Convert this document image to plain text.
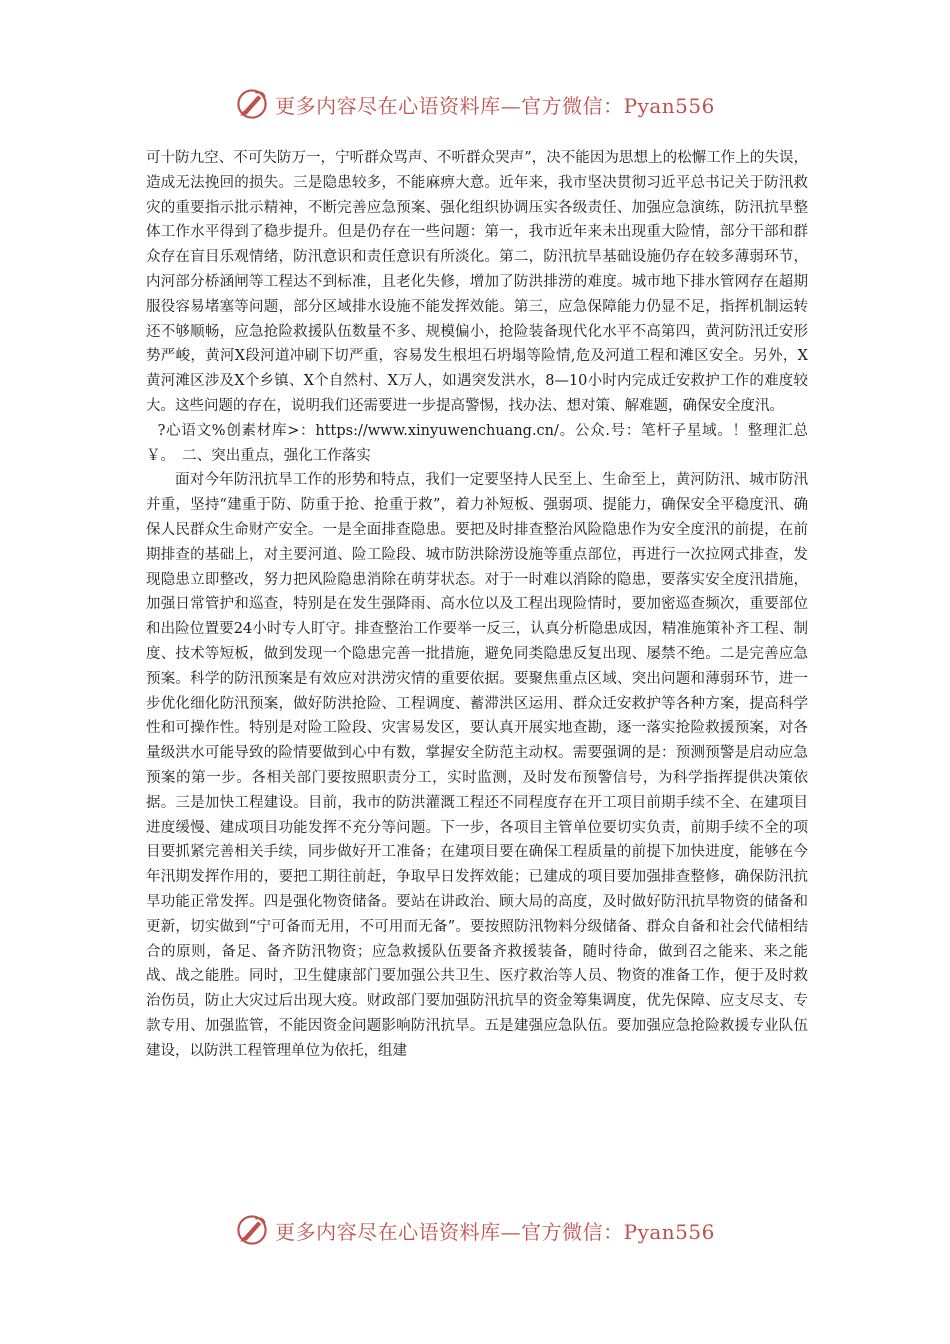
更多内容尽在心语资料库—官方微信：Pyan556

可十防九空、不可失防万一，宁听群众骂声、不听群众哭声”，决不能因为思想上的松懈工作上的失误，造成无法挽回的损失。三是隐患较多，不能麻痹大意。近年来，我市坚决贯彻习近平总书记关于防汛救灾的重要指示批示精神，不断完善应急预案、强化组织协调压实各级责任、加强应急演练，防汛抗旱整体工作水平得到了稳步提升。但是仍存在一些问题：第一，我市近年来未出现重大险情，部分干部和群众存在盲目乐观情绪，防汛意识和责任意识有所淡化。第二，防汛抗旱基础设施仍存在较多薄弱环节，内河部分桥涵闸等工程达不到标准，且老化失修，增加了防洪排涝的难度。城市地下排水管网存在超期服役容易堵塞等问题，部分区域排水设施不能发挥效能。第三，应急保障能力仍显不足，指挥机制运转还不够顺畅，应急抢险救援队伍数量不多、规模偏小，抢险装备现代化水平不高第四，黄河防汛迁安形势严峻，黄河X段河道冲刷下切严重，容易发生根坦石坍塌等险情,危及河道工程和滩区安全。另外，X黄河滩区涉及X个乡镇、X个自然村、X万人，如遇突发洪水，8—10小时内完成迁安救护工作的难度较大。这些问题的存在，说明我们还需要进一步提高警惕，找办法、想对策、解难题，确保安全度汛。

?心语文%创素材库>：https://www.xinyuwenchuang.cn/。公众.号：笔杆子星域。！整理汇总￥。　二、突出重点，强化工作落实

面对今年防汛抗旱工作的形势和特点，我们一定要坚持人民至上、生命至上，黄河防汛、城市防汛并重，坚持“建重于防、防重于抢、抢重于救”，着力补短板、强弱项、提能力，确保安全平稳度汛、确保人民群众生命财产安全。一是全面排查隐患。要把及时排查整治风险隐患作为安全度汛的前提，在前期排查的基础上，对主要河道、险工险段、城市防洪除涝设施等重点部位，再进行一次拉网式排查，发现隐患立即整改，努力把风险隐患消除在萌芽状态。对于一时难以消除的隐患，要落实安全度汛措施，加强日常管护和巡查，特别是在发生强降雨、高水位以及工程出现险情时，要加密巡查频次，重要部位和出险位置要24小时专人盯守。排查整治工作要举一反三，认真分析隐患成因，精准施策补齐工程、制度、技术等短板，做到发现一个隐患完善一批措施，避免同类隐患反复出现、屡禁不绝。二是完善应急预案。科学的防汛预案是有效应对洪涝灾情的重要依据。要聚焦重点区域、突出问题和薄弱环节，进一步优化细化防汛预案，做好防洪抢险、工程调度、蓄滞洪区运用、群众迁安救护等各种方案，提高科学性和可操作性。特别是对险工险段、灾害易发区，要认真开展实地查勘，逐一落实抢险救援预案，对各量级洪水可能导致的险情要做到心中有数，掌握安全防范主动权。需要强调的是：预测预警是启动应急预案的第一步。各相关部门要按照职责分工，实时监测，及时发布预警信号，为科学指挥提供决策依据。三是加快工程建设。目前，我市的防洪灌溉工程还不同程度存在开工项目前期手续不全、在建项目进度缓慢、建成项目功能发挥不充分等问题。下一步，各项目主管单位要切实负责，前期手续不全的项目要抓紧完善相关手续，同步做好开工准备；在建项目要在确保工程质量的前提下加快进度，能够在今年汛期发挥作用的，要把工期往前赶，争取早日发挥效能；已建成的项目要加强排查整修，确保防汛抗旱功能正常发挥。四是强化物资储备。要站在讲政治、顾大局的高度，及时做好防汛抗旱物资的储备和更新，切实做到“宁可备而无用，不可用而无备”。要按照防汛物料分级储备、群众自备和社会代储相结合的原则，备足、备齐防汛物资；应急救援队伍要备齐救援装备，随时待命，做到召之能来、来之能战、战之能胜。同时，卫生健康部门要加强公共卫生、医疗救治等人员、物资的准备工作，便于及时救治伤员，防止大灾过后出现大疫。财政部门要加强防汛抗旱的资金筹集调度，优先保障、应支尽支、专款专用、加强监管，不能因资金问题影响防汛抗旱。五是建强应急队伍。要加强应急抢险救援专业队伍建设，以防洪工程管理单位为依托，组建

更多内容尽在心语资料库—官方微信：Pyan556
